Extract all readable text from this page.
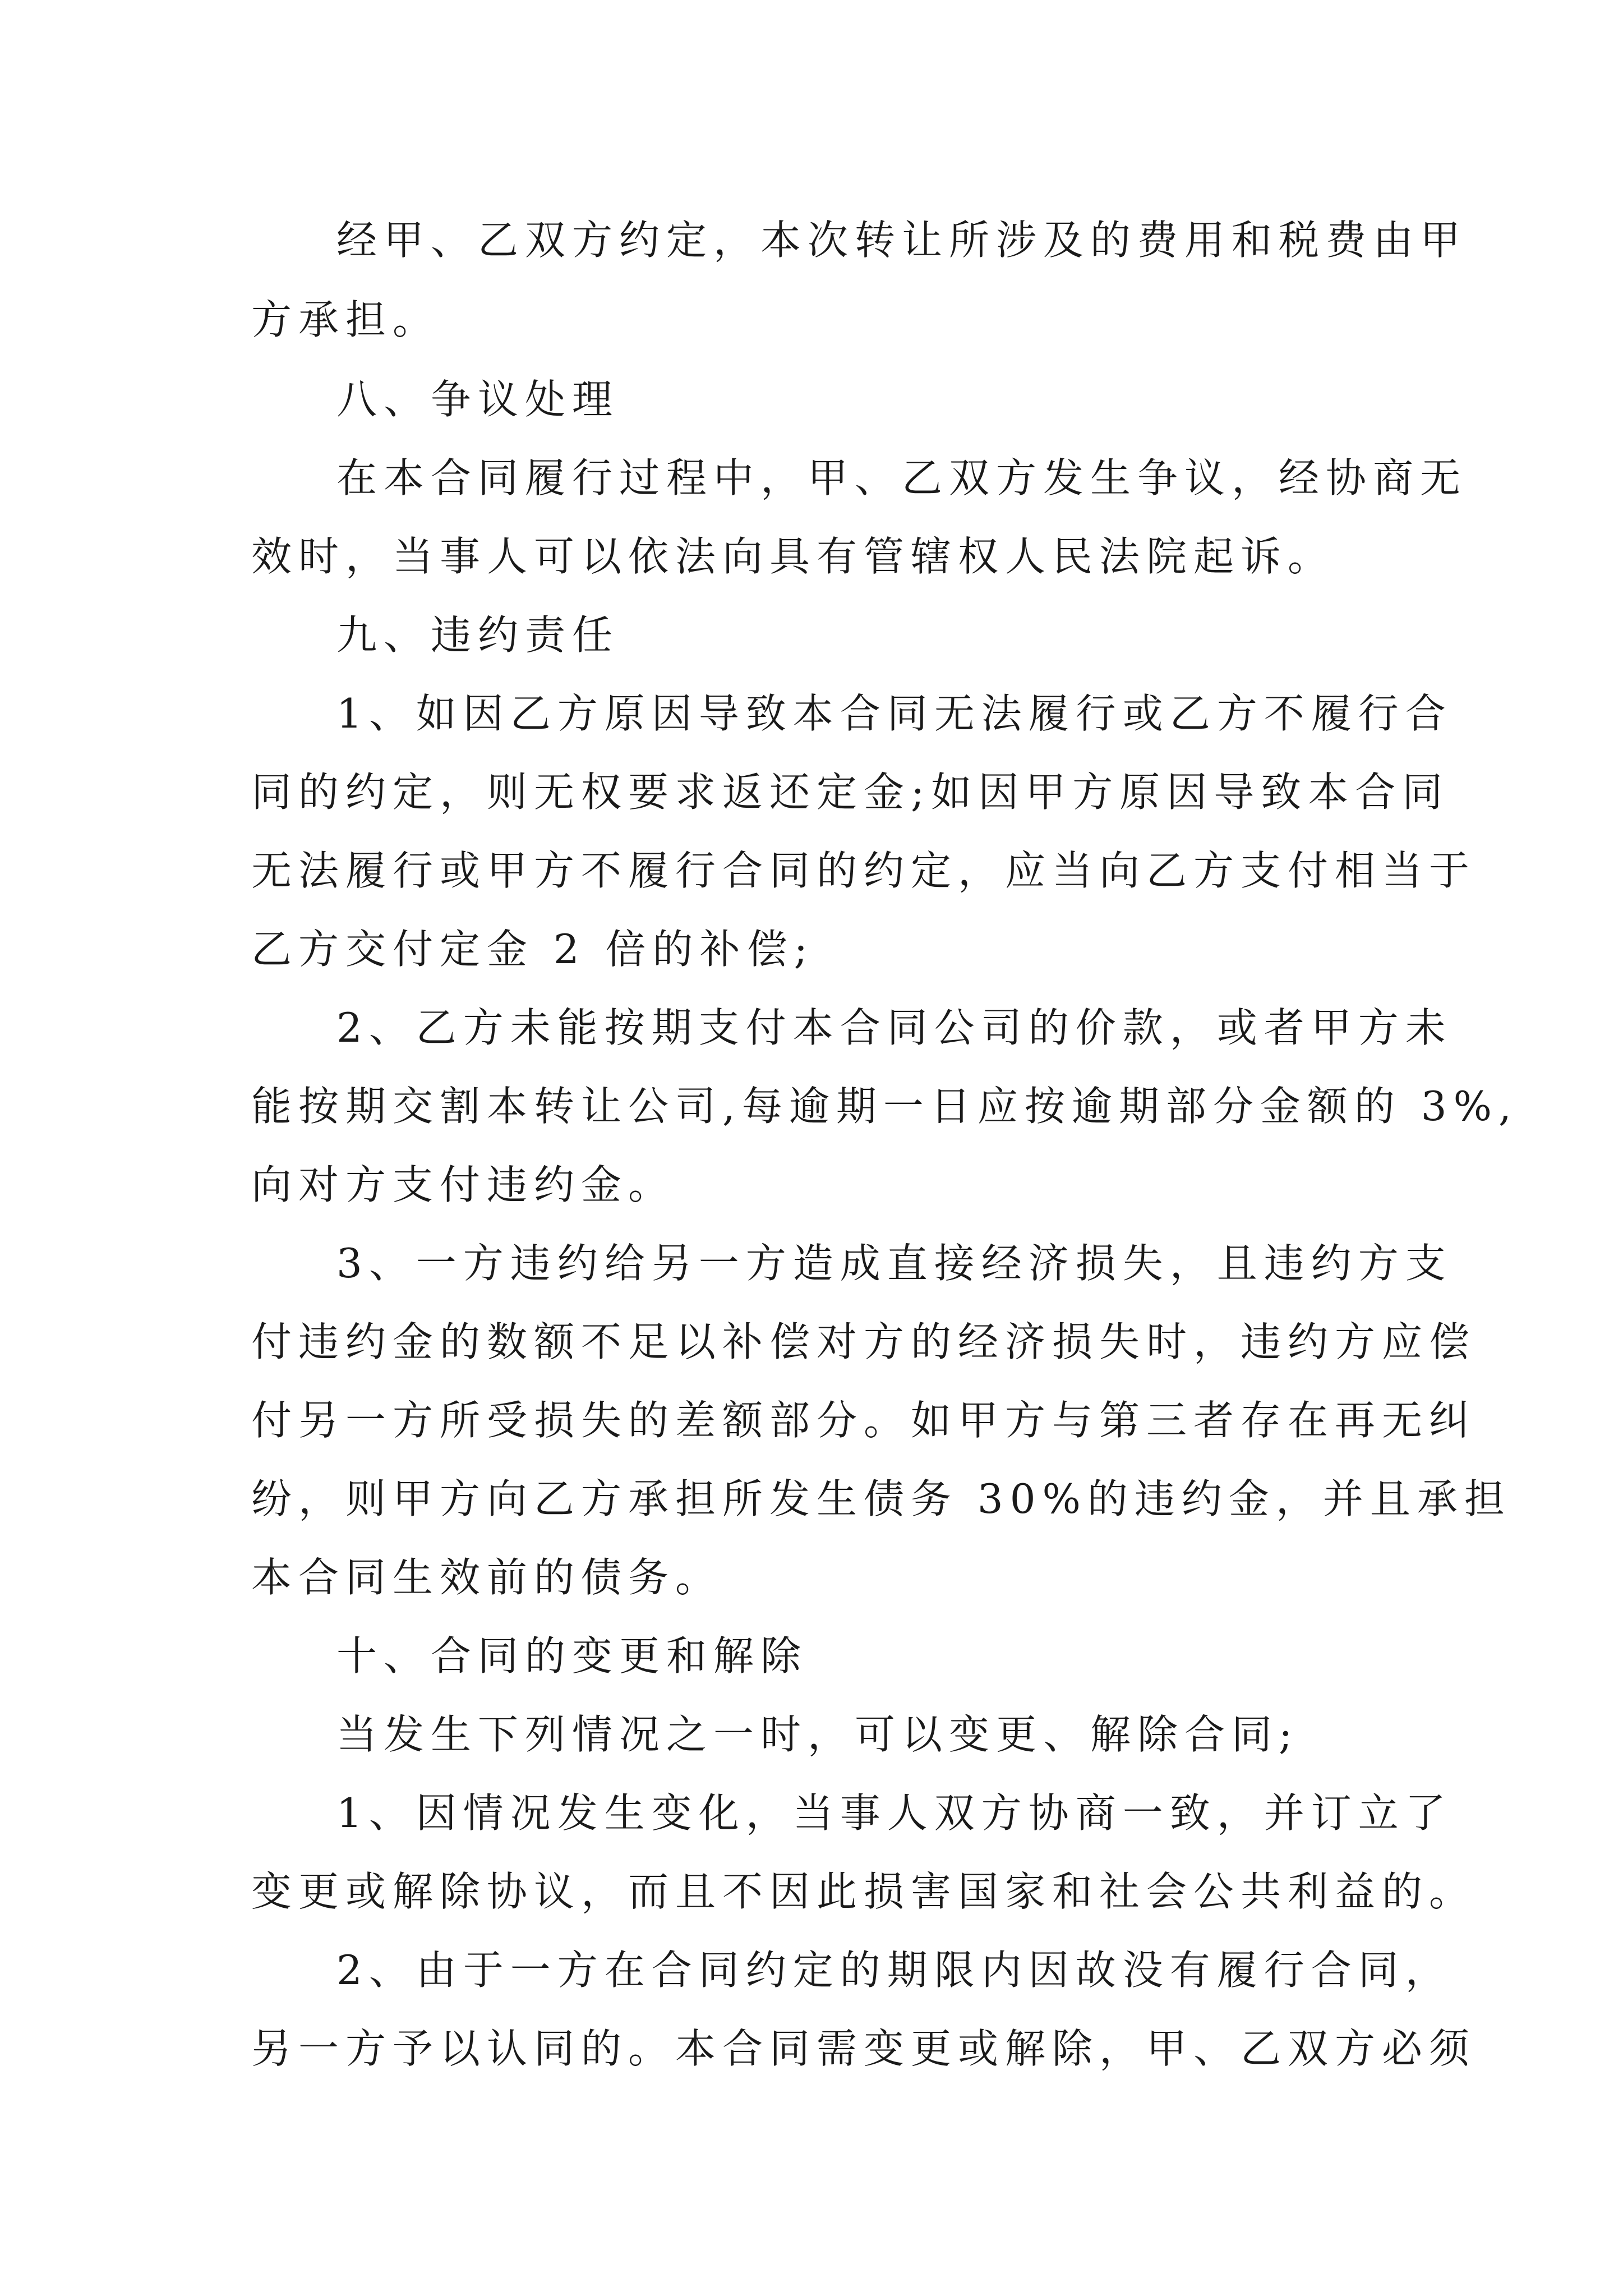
经甲、乙双方约定，本次转让所涉及的费用和税费由甲

方承担。

八、争议处理

在本合同履行过程中，甲、乙双方发生争议，经协商无

效时，当事人可以依法向具有管辖权人民法院起诉。

九、违约责任

1、如因乙方原因导致本合同无法履行或乙方不履行合

同的约定，则无权要求返还定金;如因甲方原因导致本合同

无法履行或甲方不履行合同的约定，应当向乙方支付相当于

乙方交付定金 2 倍的补偿;

2、乙方未能按期支付本合同公司的价款，或者甲方未

能按期交割本转让公司,每逾期一日应按逾期部分金额的 3%,

向对方支付违约金。

3、一方违约给另一方造成直接经济损失，且违约方支

付违约金的数额不足以补偿对方的经济损失时，违约方应偿

付另一方所受损失的差额部分。如甲方与第三者存在再无纠

纷，则甲方向乙方承担所发生债务 30%的违约金，并且承担

本合同生效前的债务。

十、合同的变更和解除

当发生下列情况之一时，可以变更、解除合同;

1、因情况发生变化，当事人双方协商一致，并订立了

变更或解除协议，而且不因此损害国家和社会公共利益的。

2、由于一方在合同约定的期限内因故没有履行合同，

另一方予以认同的。本合同需变更或解除，甲、乙双方必须
